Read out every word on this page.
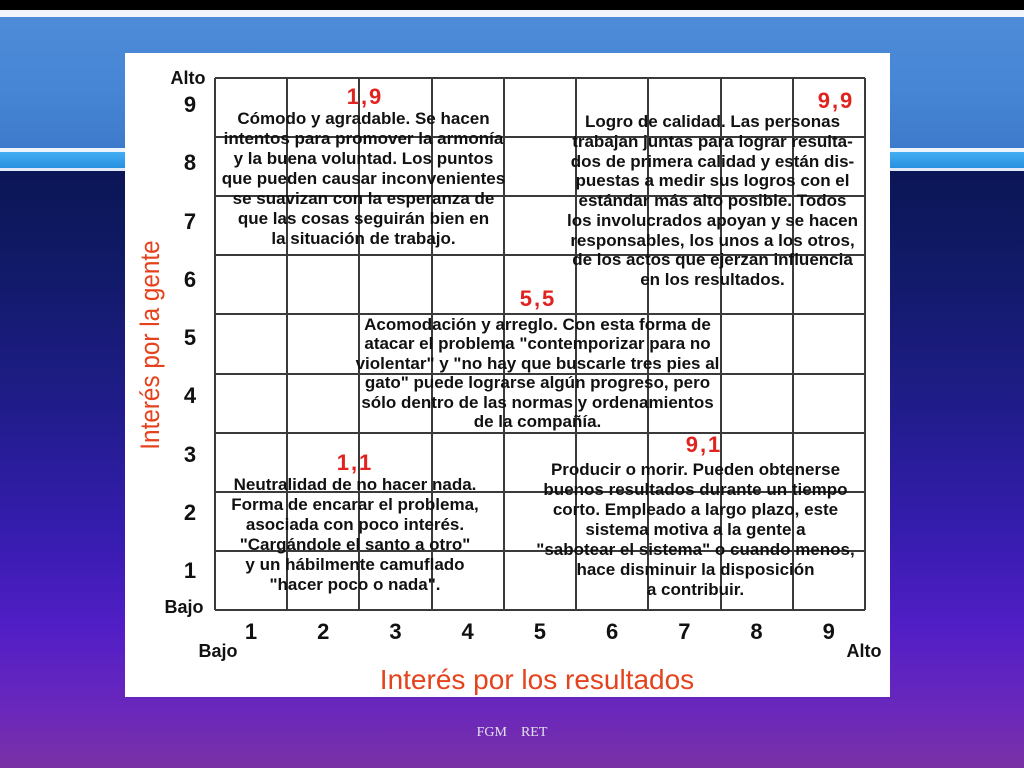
Alto
Bajo
Bajo	Alto
Interés por la gente
Interés por los resultados
1,9
Cómodo y agradable. Se hacen
intentos para promover la armonía
y la buena voluntad. Los puntos
que pueden causar inconvenientes
se suavizan con la esperanza de
que las cosas seguirán bien en
la situación de trabajo.
9,9
Logro de calidad. Las personas
trabajan juntas para lograr resulta-
dos de primera calidad y están dis-
puestas a medir sus logros con el
estándar más alto posible. Todos
los involucrados apoyan y se hacen
responsables, los unos a los otros,
de los actos que ejerzan influencia
en los resultados.
5,5
Acomodación y arreglo. Con esta forma de
atacar el problema "contemporizar para no
violentar" y "no hay que buscarle tres pies al
gato" puede lograrse algún progreso, pero
sólo dentro de las normas y ordenamientos
de la compañía.
1,1
Neutralidad de no hacer nada.
Forma de encarar el problema,
asociada con poco interés.
"Cargándole el santo a otro"
y un hábilmente camuflado
"hacer poco o nada".
9,1
Producir o morir. Pueden obtenerse
buenos resultados durante un tiempo
corto. Empleado a largo plazo, este
sistema motiva a la gente a
"sabotear el sistema" o cuando menos,
hace disminuir la disposición
a contribuir.
9
8
7
6
5
4
3
2
1
1	2	3	4	5	6	7	8	9
FGM    RET
